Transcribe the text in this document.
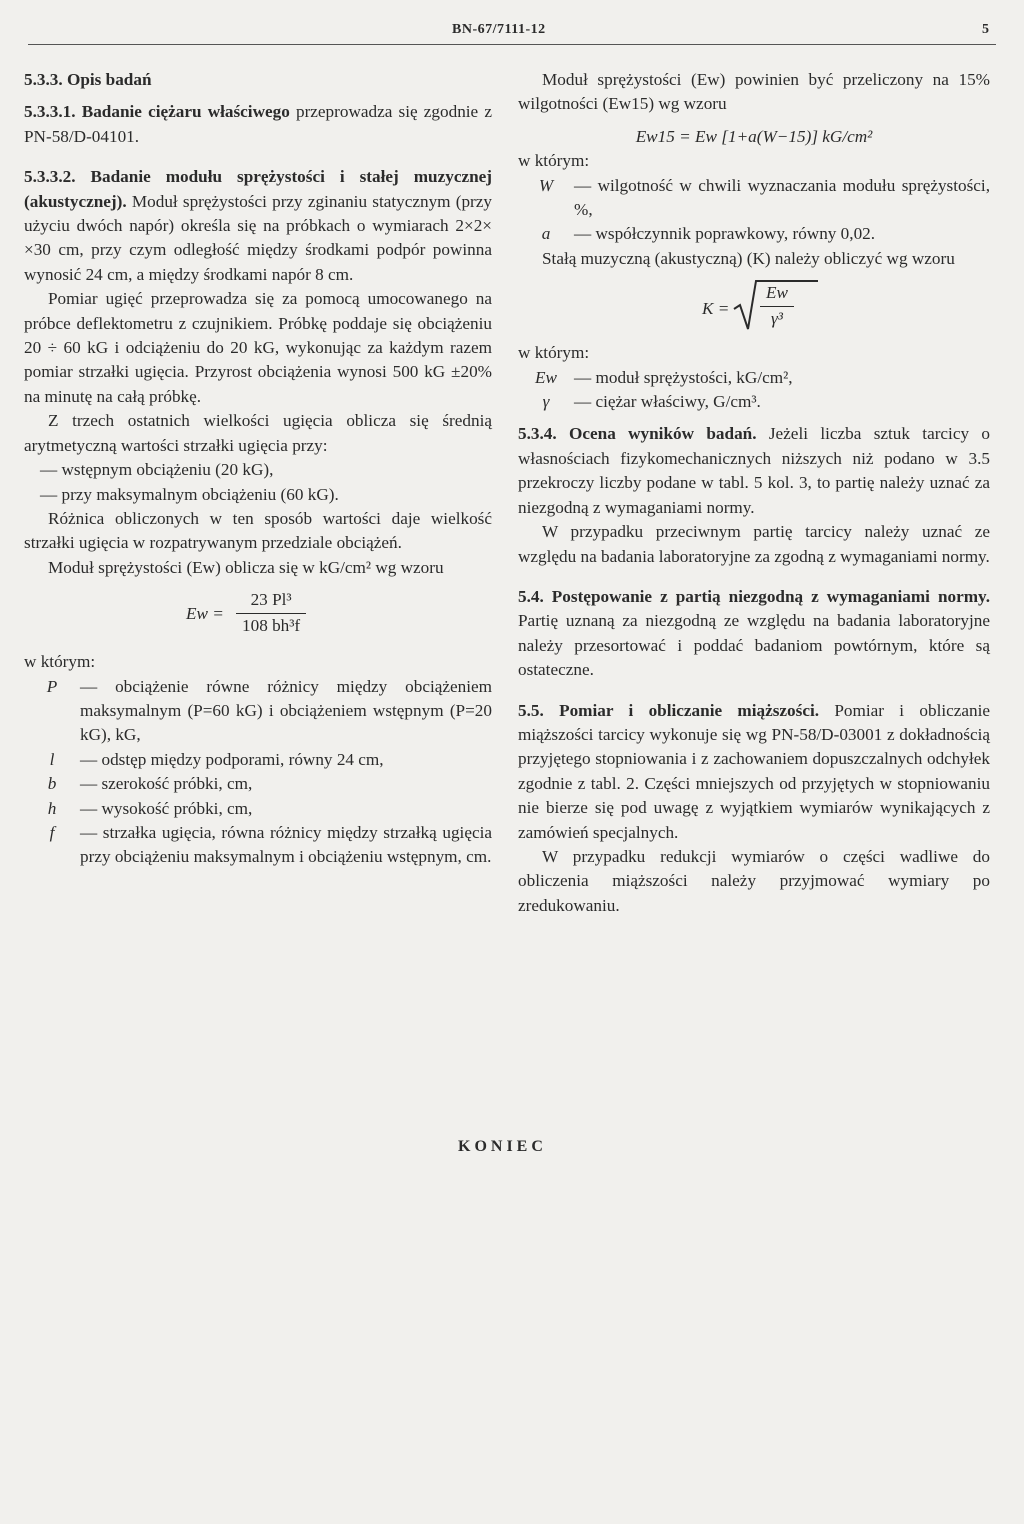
BN-67/7111-12	5

5.3.3. Opis badań

5.3.3.1. Badanie ciężaru właściwego przeprowadza się zgodnie z PN-58/D-04101.

5.3.3.2. Badanie modułu sprężystości i stałej muzycznej (akustycznej). Moduł sprężystości przy zginaniu statycznym (przy użyciu dwóch napór) określa się na próbkach o wymiarach 2×2× ×30 cm, przy czym odległość między środkami podpór powinna wynosić 24 cm, a między środkami napór 8 cm.

Pomiar ugięć przeprowadza się za pomocą umocowanego na próbce deflektometru z czujnikiem. Próbkę poddaje się obciążeniu 20 ÷ 60 kG i odciążeniu do 20 kG, wykonując za każdym razem pomiar strzałki ugięcia. Przyrost obciążenia wynosi 500 kG ±20% na minutę na całą próbkę.

Z trzech ostatnich wielkości ugięcia oblicza się średnią arytmetyczną wartości strzałki ugięcia przy:

— wstępnym obciążeniu (20 kG),

— przy maksymalnym obciążeniu (60 kG).

Różnica obliczonych w ten sposób wartości daje wielkość strzałki ugięcia w rozpatrywanym przedziale obciążeń.

Moduł sprężystości (Ew) oblicza się w kG/cm² wg wzoru

$Ew = \frac{\text{23 Pl³}}{\text{108 bh³f}}$

w którym:

P	— obciążenie równe różnicy między obciążeniem maksymalnym (P=60 kG) i obciążeniem wstępnym (P=20 kG), kG,
l	— odstęp między podporami, równy 24 cm,
b	— szerokość próbki, cm,
h	— wysokość próbki, cm,
f	— strzałka ugięcia, równa różnicy między strzałką ugięcia przy obciążeniu maksymalnym i obciążeniu wstępnym, cm.

Moduł sprężystości (Ew) powinien być przeliczony na 15% wilgotności (Ew15) wg wzoru

Ew15 = Ew [1+a(W−15)] kG/cm²

w którym:

W	— wilgotność w chwili wyznaczania modułu sprężystości, %,
a	— współczynnik poprawkowy, równy 0,02.

Stałą muzyczną (akustyczną) (K) należy obliczyć wg wzoru

$K = \frac{Ew}{\text{γ³}}$

w którym:

Ew — moduł sprężystości, kG/cm²,
γ	— ciężar właściwy, G/cm³.

5.3.4. Ocena wyników badań. Jeżeli liczba sztuk tarcicy o własnościach fizykomechanicznych niższych niż podano w 3.5 przekroczy liczby podane w tabl. 5 kol. 3, to partię należy uznać za niezgodną z wymaganiami normy.

W przypadku przeciwnym partię tarcicy należy uznać ze względu na badania laboratoryjne za zgodną z wymaganiami normy.

5.4. Postępowanie z partią niezgodną z wymaganiami normy. Partię uznaną za niezgodną ze względu na badania laboratoryjne należy przesortować i poddać badaniom powtórnym, które są ostateczne.

5.5. Pomiar i obliczanie miąższości. Pomiar i obliczanie miąższości tarcicy wykonuje się wg PN-58/D-03001 z dokładnością przyjętego stopniowania i z zachowaniem dopuszczalnych odchyłek zgodnie z tabl. 2. Części mniejszych od przyjętych w stopniowaniu nie bierze się pod uwagę z wyjątkiem wymiarów wynikających z zamówień specjalnych.

W przypadku redukcji wymiarów o części wadliwe do obliczenia miąższości należy przyjmować wymiary po zredukowaniu.

KONIEC
